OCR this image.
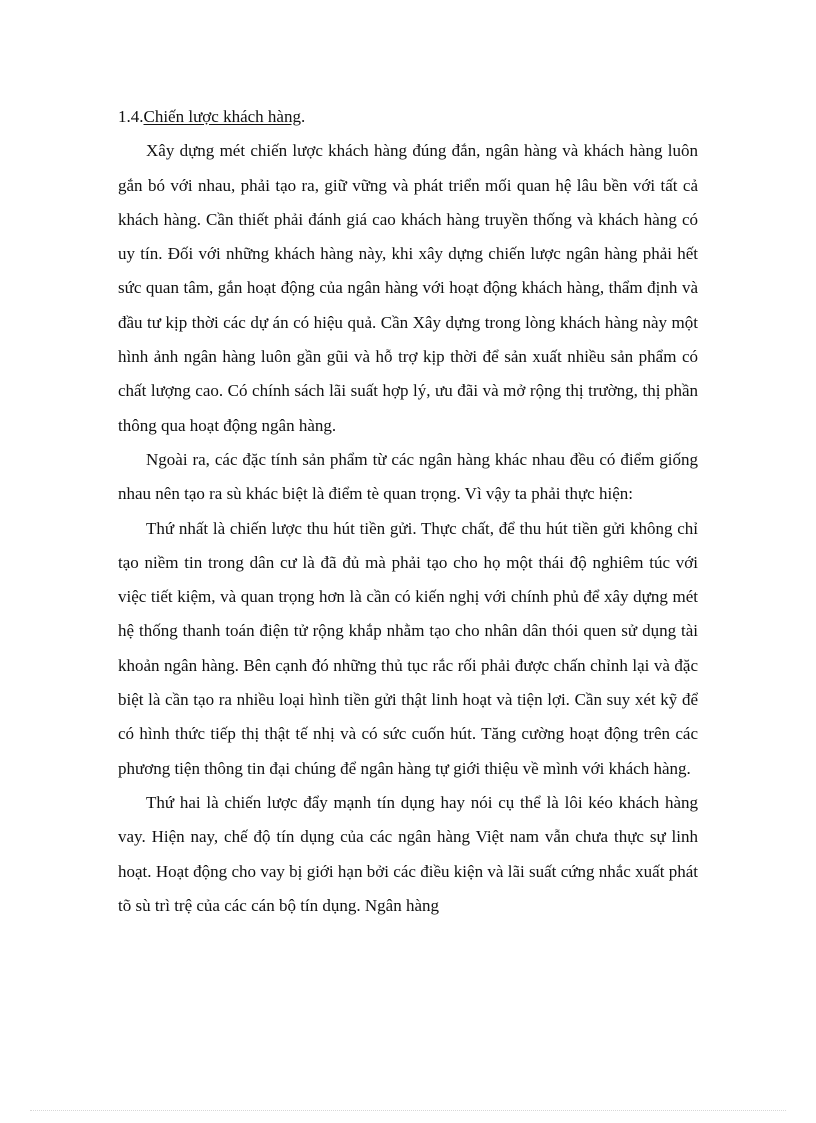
1.4.Chiến lược khách hàng.

Xây dựng mét chiến lược khách hàng đúng đắn, ngân hàng và khách hàng luôn gắn bó với nhau, phải tạo ra, giữ vững và phát triển mối quan hệ lâu bền với tất cả khách hàng. Cần thiết phải đánh giá cao khách hàng truyền thống và khách hàng có uy tín. Đối với những khách hàng này, khi xây dựng chiến lược ngân hàng phải hết sức quan tâm, gắn hoạt động của ngân hàng với hoạt động khách hàng, thẩm định và đầu tư kịp thời các dự án có hiệu quả. Cần Xây dựng trong lòng khách hàng này một hình ảnh ngân hàng luôn gần gũi và hỗ trợ kịp thời để sản xuất nhiều sản phẩm có chất lượng cao. Có chính sách lãi suất hợp lý, ưu đãi và mở rộng thị trường, thị phần thông qua hoạt động ngân hàng.

Ngoài ra, các đặc tính sản phẩm từ các ngân hàng khác nhau đều có điểm giống nhau nên tạo ra sù khác biệt là điểm tè quan trọng. Vì vậy ta phải thực hiện:

Thứ nhất là chiến lược thu hút tiền gửi. Thực chất, để thu hút tiền gửi không chỉ tạo niềm tin trong dân cư là đã đủ mà phải tạo cho họ một thái độ nghiêm túc với việc tiết kiệm, và quan trọng hơn là cần có kiến nghị với chính phủ để xây dựng mét hệ thống thanh toán điện tử rộng khắp nhằm tạo cho nhân dân thói quen sử dụng tài khoản ngân hàng. Bên cạnh đó những thủ tục rắc rối phải được chấn chỉnh lại và đặc biệt là cần tạo ra nhiều loại hình tiền gửi thật linh hoạt và tiện lợi. Cần suy xét kỹ để có hình thức tiếp thị thật tế nhị và có sức cuốn hút. Tăng cường hoạt động trên các phương tiện thông tin đại chúng để ngân hàng tự giới thiệu về mình với khách hàng.

Thứ hai là chiến lược đẩy mạnh tín dụng hay nói cụ thể là lôi kéo khách hàng vay. Hiện nay, chế độ tín dụng của các ngân hàng Việt nam vẫn chưa thực sự linh hoạt. Hoạt động cho vay bị giới hạn bởi các điều kiện và lãi suất cứng nhắc xuất phát tõ sù trì trệ của các cán bộ tín dụng. Ngân hàng
